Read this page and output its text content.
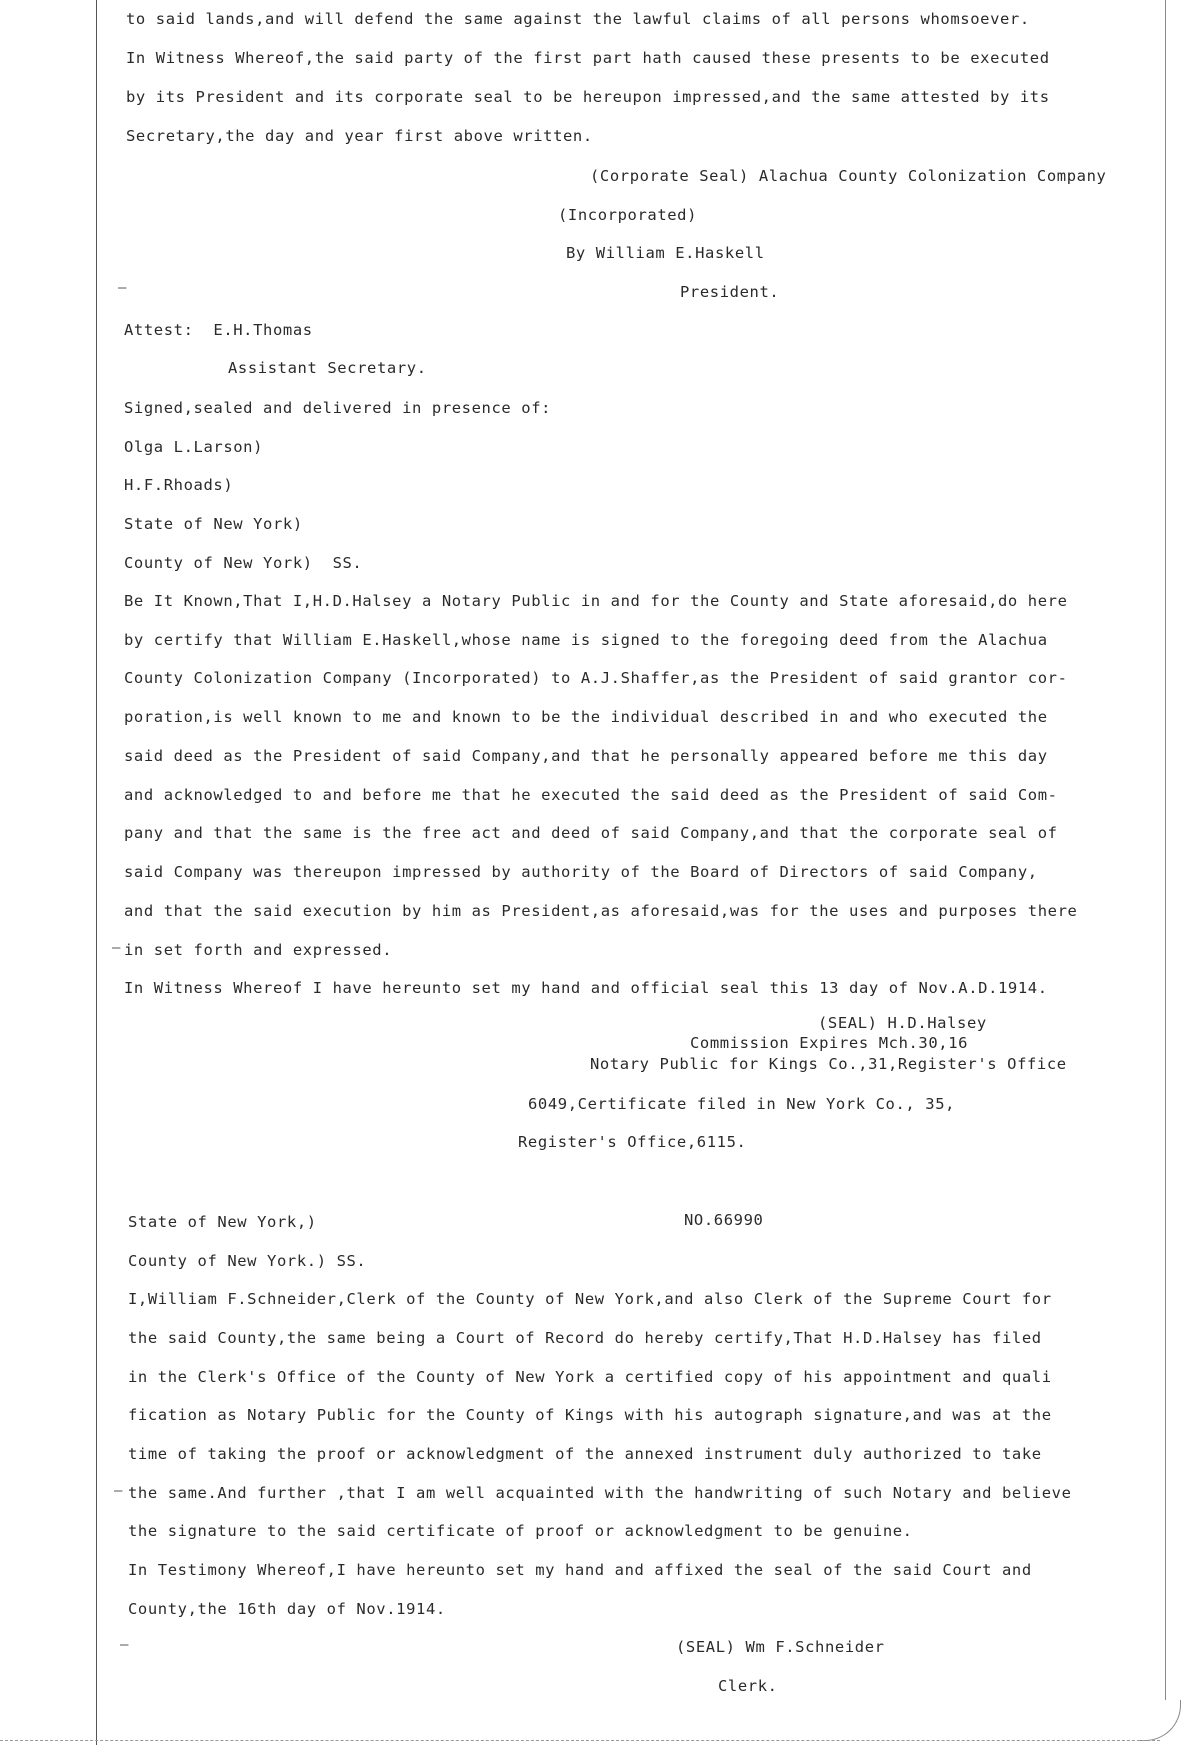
to said lands,and will defend the same against the lawful claims of all persons whomsoever.
In Witness Whereof,the said party of the first part hath caused these presents to be executed
by its President and its corporate seal to be hereupon impressed,and the same attested by its
Secretary,the day and year first above written.
(Corporate Seal) Alachua County Colonization Company
(Incorporated)
By William E.Haskell
President.
Attest:  E.H.Thomas
Assistant Secretary.
Signed,sealed and delivered in presence of:
Olga L.Larson)
H.F.Rhoads)
State of New York)
County of New York)  SS.
Be It Known,That I,H.D.Halsey a Notary Public in and for the County and State aforesaid,do here
by certify that William E.Haskell,whose name is signed to the foregoing deed from the Alachua
County Colonization Company (Incorporated) to A.J.Shaffer,as the President of said grantor cor-
poration,is well known to me and known to be the individual described in and who executed the
said deed as the President of said Company,and that he personally appeared before me this day
and acknowledged to and before me that he executed the said deed as the President of said Com-
pany and that the same is the free act and deed of said Company,and that the corporate seal of
said Company was thereupon impressed by authority of the Board of Directors of said Company,
and that the said execution by him as President,as aforesaid,was for the uses and purposes there
in set forth and expressed.
In Witness Whereof I have hereunto set my hand and official seal this 13 day of Nov.A.D.1914.
(SEAL) H.D.Halsey
Commission Expires Mch.30,16
Notary Public for Kings Co.,31,Register's Office
6049,Certificate filed in New York Co., 35,
Register's Office,6115.
State of New York,)	NO.66990
County of New York.) SS.
I,William F.Schneider,Clerk of the County of New York,and also Clerk of the Supreme Court for
the said County,the same being a Court of Record do hereby certify,That H.D.Halsey has filed
in the Clerk's Office of the County of New York a certified copy of his appointment and quali
fication as Notary Public for the County of Kings with his autograph signature,and was at the
time of taking the proof or acknowledgment of the annexed instrument duly authorized to take
the same.And further ,that I am well acquainted with the handwriting of such Notary and believe
the signature to the said certificate of proof or acknowledgment to be genuine.
In Testimony Whereof,I have hereunto set my hand and affixed the seal of the said Court and
County,the 16th day of Nov.1914.
(SEAL) Wm F.Schneider
Clerk.
–
–
–
–
